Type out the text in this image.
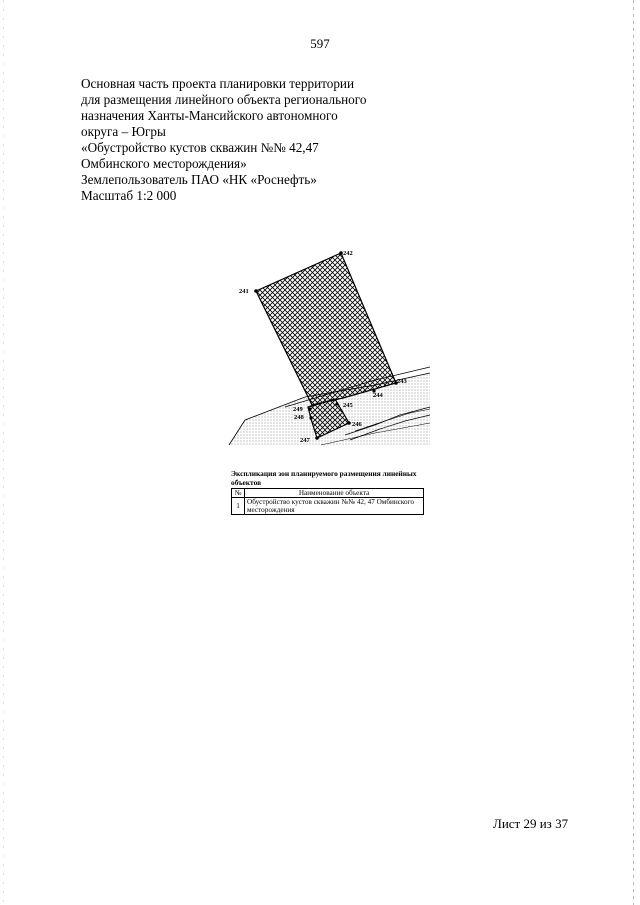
597
Основная часть проекта планировки территории
для размещения линейного объекта регионального
назначения Ханты-Мансийского автономного
округа – Югры
«Обустройство кустов скважин №№ 42,47
Омбинского месторождения»
Землепользователь ПАО «НК «Роснефть»
Масштаб 1:2 000
241
242
243
244
245
246
247
248
249
Экспликация зон планируемого размещения линейных объектов
№	Наименование объекта
1	Обустройство кустов скважин №№ 42, 47 Омбинского месторождения
Лист 29 из 37
